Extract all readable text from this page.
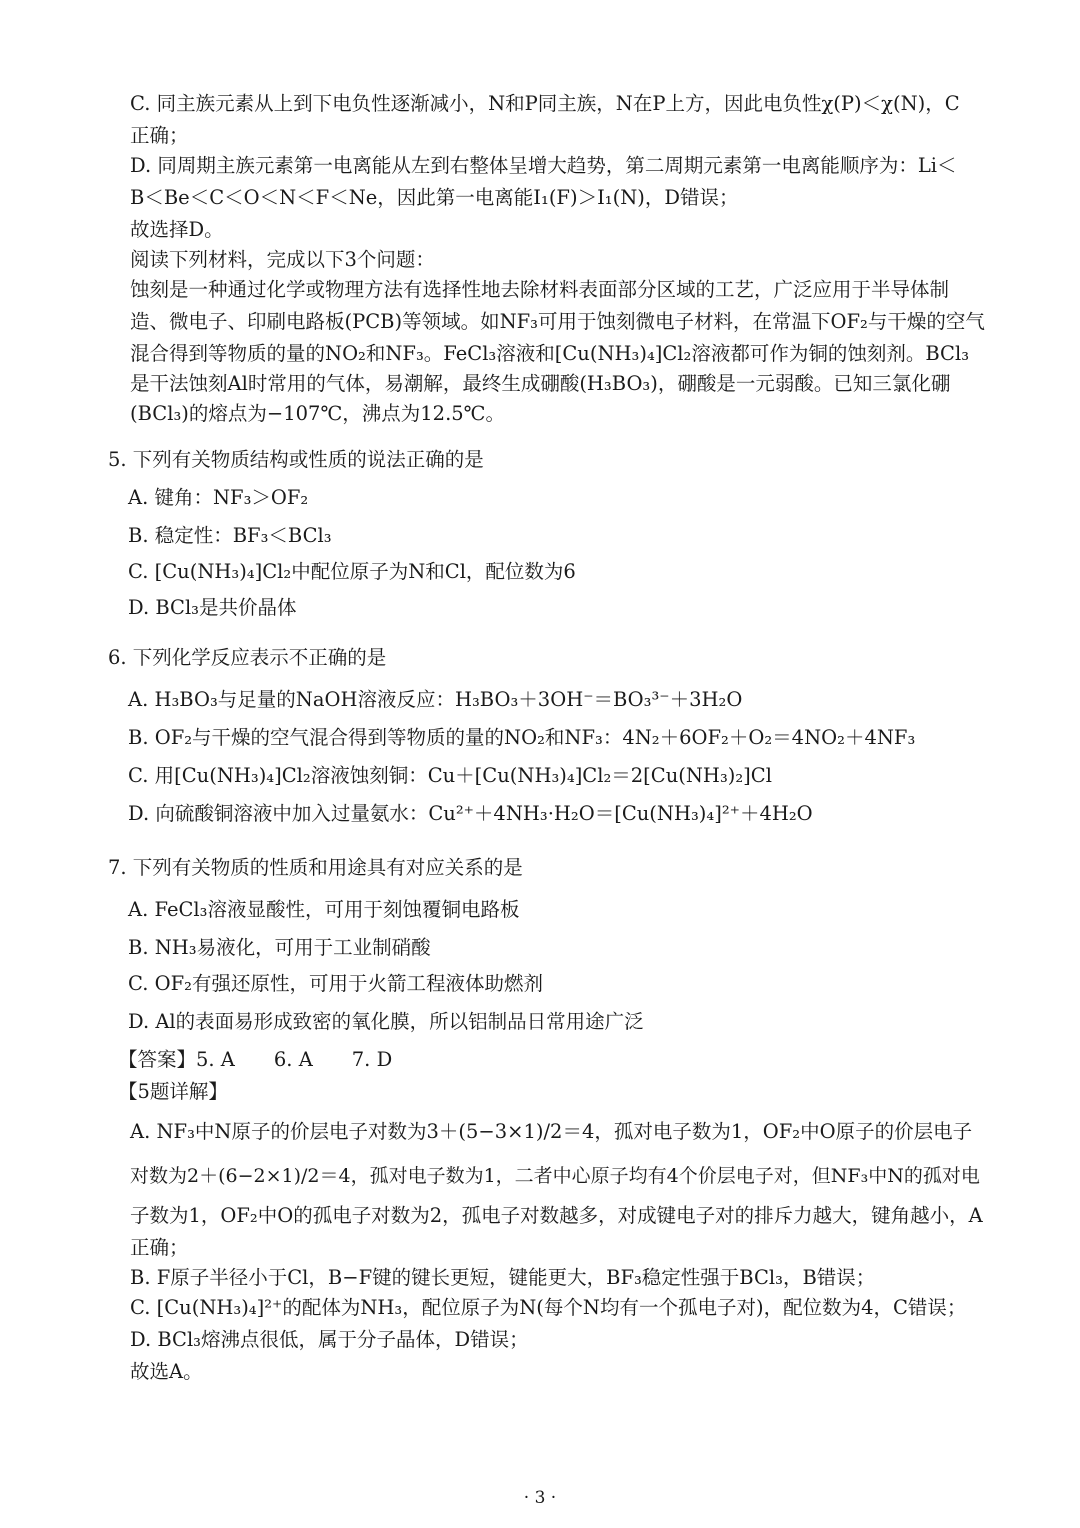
C. 同主族元素从上到下电负性逐渐减小，N和P同主族，N在P上方，因此电负性χ(P)＜χ(N)，C
正确；
D. 同周期主族元素第一电离能从左到右整体呈增大趋势，第二周期元素第一电离能顺序为：Li＜
B＜Be＜C＜O＜N＜F＜Ne，因此第一电离能I₁(F)＞I₁(N)，D错误；
故选择D。
阅读下列材料，完成以下3个问题：
蚀刻是一种通过化学或物理方法有选择性地去除材料表面部分区域的工艺，广泛应用于半导体制
造、微电子、印刷电路板(PCB)等领域。如NF₃可用于蚀刻微电子材料，在常温下OF₂与干燥的空气
混合得到等物质的量的NO₂和NF₃。FeCl₃溶液和[Cu(NH₃)₄]Cl₂溶液都可作为铜的蚀刻剂。BCl₃
是干法蚀刻Al时常用的气体，易潮解，最终生成硼酸(H₃BO₃)，硼酸是一元弱酸。已知三氯化硼
(BCl₃)的熔点为−107℃，沸点为12.5℃。
5. 下列有关物质结构或性质的说法正确的是
A. 键角：NF₃＞OF₂
B. 稳定性：BF₃＜BCl₃
C. [Cu(NH₃)₄]Cl₂中配位原子为N和Cl，配位数为6
D. BCl₃是共价晶体
6. 下列化学反应表示不正确的是
A. H₃BO₃与足量的NaOH溶液反应：H₃BO₃＋3OH⁻＝BO₃³⁻＋3H₂O
B. OF₂与干燥的空气混合得到等物质的量的NO₂和NF₃：4N₂＋6OF₂＋O₂＝4NO₂＋4NF₃
C. 用[Cu(NH₃)₄]Cl₂溶液蚀刻铜：Cu＋[Cu(NH₃)₄]Cl₂＝2[Cu(NH₃)₂]Cl
D. 向硫酸铜溶液中加入过量氨水：Cu²⁺＋4NH₃·H₂O＝[Cu(NH₃)₄]²⁺＋4H₂O
7. 下列有关物质的性质和用途具有对应关系的是
A. FeCl₃溶液显酸性，可用于刻蚀覆铜电路板
B. NH₃易液化，可用于工业制硝酸
C. OF₂有强还原性，可用于火箭工程液体助燃剂
D. Al的表面易形成致密的氧化膜，所以铝制品日常用途广泛
【答案】5. A　　6. A　　7. D
【5题详解】
A. NF₃中N原子的价层电子对数为3＋(5−3×1)/2＝4，孤对电子数为1，OF₂中O原子的价层电子
对数为2＋(6−2×1)/2＝4，孤对电子数为1，二者中心原子均有4个价层电子对，但NF₃中N的孤对电
子数为1，OF₂中O的孤电子对数为2，孤电子对数越多，对成键电子对的排斥力越大，键角越小，A
正确；
B. F原子半径小于Cl，B−F键的键长更短，键能更大，BF₃稳定性强于BCl₃，B错误；
C. [Cu(NH₃)₄]²⁺的配体为NH₃，配位原子为N(每个N均有一个孤电子对)，配位数为4，C错误；
D. BCl₃熔沸点很低，属于分子晶体，D错误；
故选A。
· 3 ·
